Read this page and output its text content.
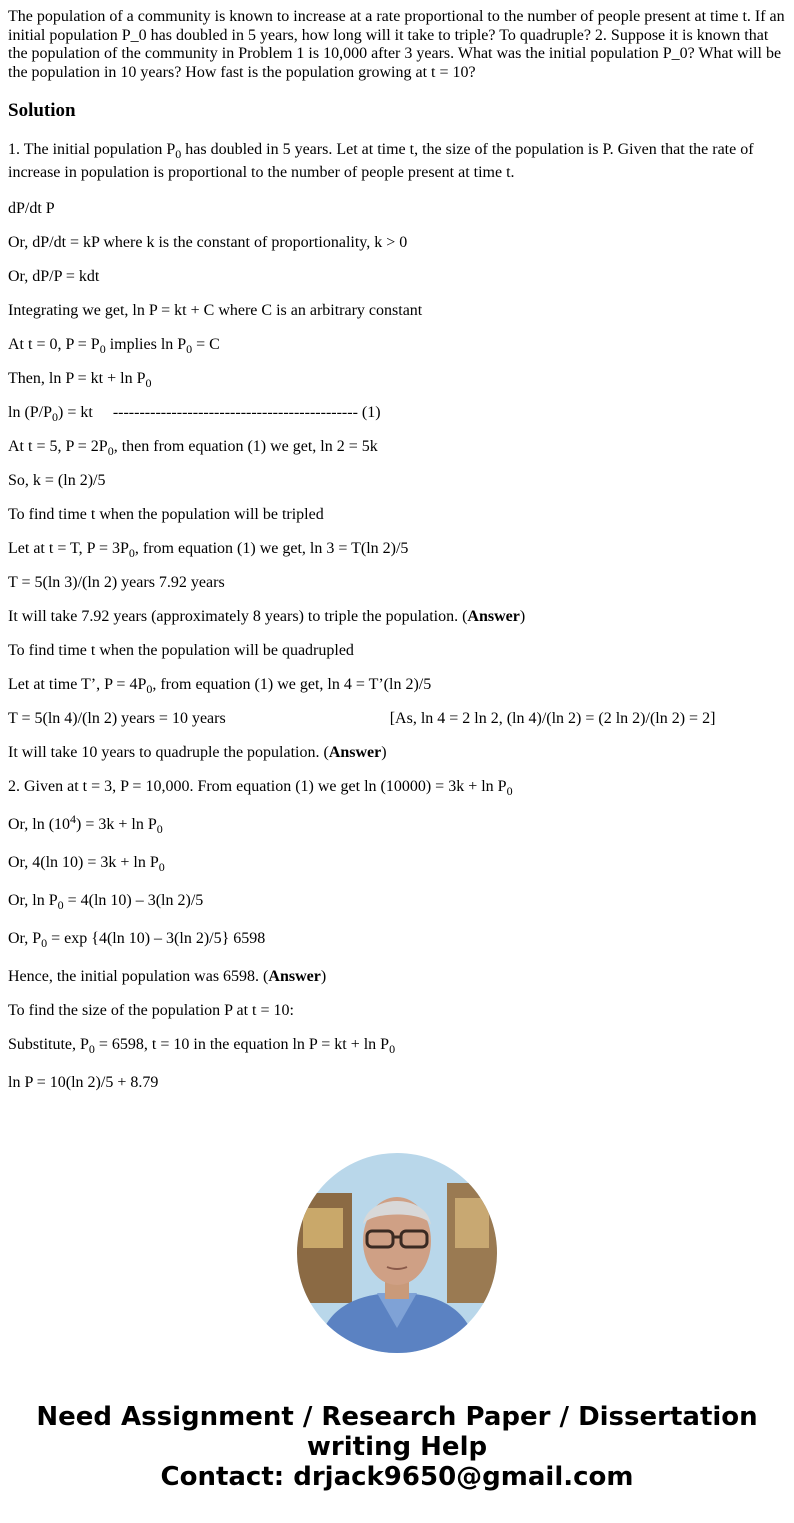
The population of a community is known to increase at a rate proportional to the number of people present at time t. If an initial population P_0 has doubled in 5 years, how long will it take to triple? To quadruple? 2. Suppose it is known that the population of the community in Problem 1 is 10,000 after 3 years. What was the initial population P_0? What will be the population in 10 years? How fast is the population growing at t = 10?

Solution

1. The initial population $P_0$ has doubled in 5 years. Let at time t, the size of the population is P. Given that the rate of increase in population is proportional to the number of people present at time t.

dP/dt P

Or, dP/dt = kP where k is the constant of proportionality, k > 0

Or, dP/P = kdt

Integrating we get, ln P = kt + C where C is an arbitrary constant

At t = 0, $P = P_0$ implies $\ln P_0 = C$

Then, ln P = kt + $\ln P_0$

$\ln (P/P_0)$ = kt ---------------------------------------------- (1)

At t = 5, $P = 2P_0$, then from equation (1) we get, ln 2 = 5k

So, k = (ln 2)/5

To find time t when the population will be tripled

Let at t = T, $P = 3P_0$, from equation (1) we get, ln 3 = T(ln 2)/5

T = 5(ln 3)/(ln 2) years 7.92 years

It will take 7.92 years (approximately 8 years) to triple the population. (Answer)

To find time t when the population will be quadrupled

Let at time T’, $P = 4P_0$, from equation (1) we get, ln 4 = T’(ln 2)/5

T = 5(ln 4)/(ln 2) years = 10 years	[As, ln 4 = 2 ln 2, (ln 4)/(ln 2) = (2 ln 2)/(ln 2) = 2]

It will take 10 years to quadruple the population. (Answer)

2. Given at t = 3, P = 10,000. From equation (1) we get $\ln (10000) = 3k + \ln P_0$

Or, $\ln (10^4) = 3k + \ln P_0$

Or, 4(ln $10) = 3k + \ln P_0$

Or, $\ln P_0 = 4(\ln$ 10) – 3(ln 2)/5

Or, $P_0 = \exp \{4(\ln$ 10) – 3(ln 2)/5} 6598

Hence, the initial population was 6598. (Answer)

To find the size of the population P at t = 10:

Substitute, $P_0 = 6598$, t = 10 in the equation ln P = kt + $\ln P_0$

ln P = 10(ln 2)/5 + 8.79

Need Assignment / Research Paper / Dissertation
writing Help
Contact: drjack9650@gmail.com
